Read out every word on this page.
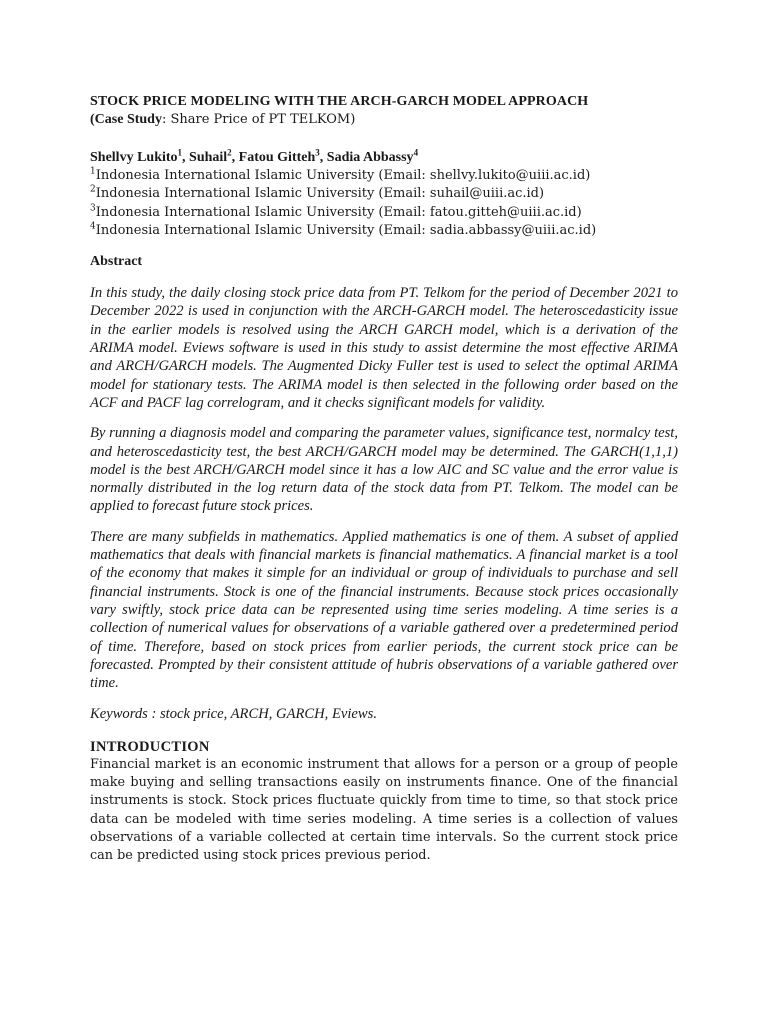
STOCK PRICE MODELING WITH THE ARCH-GARCH MODEL APPROACH
(Case Study: Share Price of PT TELKOM)
Shellvy Lukito$^1$, Suhail$^2$, Fatou Gitteh$^3$, Sadia Abbassy$^4$
$^1$Indonesia International Islamic University (Email: shellvy.lukito@uiii.ac.id)
$^2$Indonesia International Islamic University (Email: suhail@uiii.ac.id)
$^3$Indonesia International Islamic University (Email: fatou.gitteh@uiii.ac.id)
$^4$Indonesia International Islamic University (Email: sadia.abbassy@uiii.ac.id)
Abstract

In this study, the daily closing stock price data from PT. Telkom for the period of December 2021 to December 2022 is used in conjunction with the ARCH-GARCH model. The heteroscedasticity issue in the earlier models is resolved using the ARCH GARCH model, which is a derivation of the ARIMA model. Eviews software is used in this study to assist determine the most effective ARIMA and ARCH/GARCH models. The Augmented Dicky Fuller test is used to select the optimal ARIMA model for stationary tests. The ARIMA model is then selected in the following order based on the ACF and PACF lag correlogram, and it checks significant models for validity.

By running a diagnosis model and comparing the parameter values, significance test, normalcy test, and heteroscedasticity test, the best ARCH/GARCH model may be determined. The GARCH(1,1,1) model is the best ARCH/GARCH model since it has a low AIC and SC value and the error value is normally distributed in the log return data of the stock data from PT. Telkom. The model can be applied to forecast future stock prices.

There are many subfields in mathematics. Applied mathematics is one of them. A subset of applied mathematics that deals with financial markets is financial mathematics. A financial market is a tool of the economy that makes it simple for an individual or group of individuals to purchase and sell financial instruments. Stock is one of the financial instruments. Because stock prices occasionally vary swiftly, stock price data can be represented using time series modeling. A time series is a collection of numerical values for observations of a variable gathered over a predetermined period of time. Therefore, based on stock prices from earlier periods, the current stock price can be forecasted. Prompted by their consistent attitude of hubris observations of a variable gathered over time.

Keywords : stock price, ARCH, GARCH, Eviews.

INTRODUCTION

Financial market is an economic instrument that allows for a person or a group of people make buying and selling transactions easily on instruments finance. One of the financial instruments is stock. Stock prices fluctuate quickly from time to time, so that stock price data can be modeled with time series modeling. A time series is a collection of values observations of a variable collected at certain time intervals. So the current stock price can be predicted using stock prices previous period.
